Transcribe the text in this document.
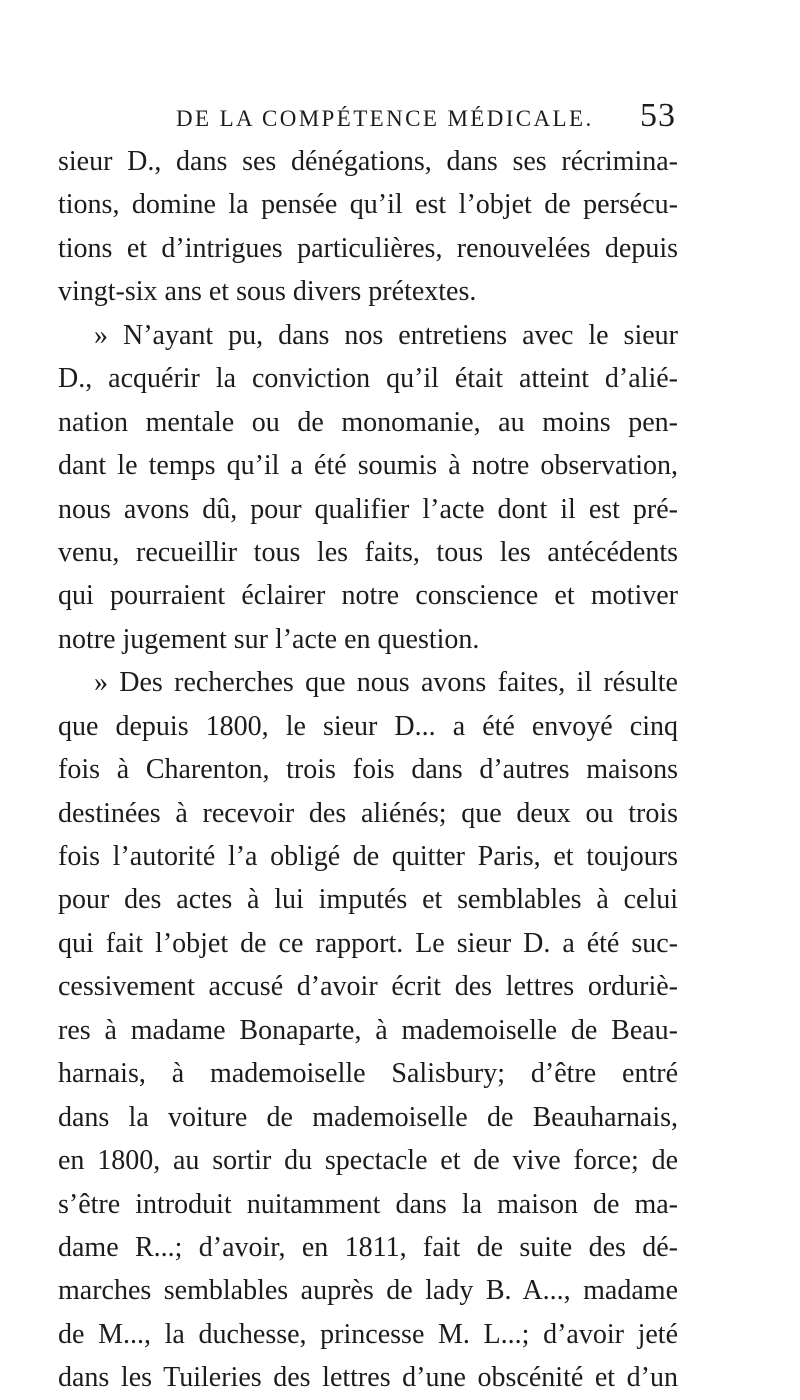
DE LA COMPÉTENCE MÉDICALE. 53
sieur D., dans ses dénégations, dans ses récrimina-
tions, domine la pensée qu’il est l’objet de persécu-
tions et d’intrigues particulières, renouvelées depuis
vingt-six ans et sous divers prétextes.
» N’ayant pu, dans nos entretiens avec le sieur
D., acquérir la conviction qu’il était atteint d’alié-
nation mentale ou de monomanie, au moins pen-
dant le temps qu’il a été soumis à notre observation,
nous avons dû, pour qualifier l’acte dont il est pré-
venu, recueillir tous les faits, tous les antécédents
qui pourraient éclairer notre conscience et motiver
notre jugement sur l’acte en question.
» Des recherches que nous avons faites, il résulte
que depuis 1800, le sieur D... a été envoyé cinq
fois à Charenton, trois fois dans d’autres maisons
destinées à recevoir des aliénés; que deux ou trois
fois l’autorité l’a obligé de quitter Paris, et toujours
pour des actes à lui imputés et semblables à celui
qui fait l’objet de ce rapport. Le sieur D. a été suc-
cessivement accusé d’avoir écrit des lettres orduriè-
res à madame Bonaparte, à mademoiselle de Beau-
harnais, à mademoiselle Salisbury; d’être entré
dans la voiture de mademoiselle de Beauharnais,
en 1800, au sortir du spectacle et de vive force; de
s’être introduit nuitamment dans la maison de ma-
dame R...; d’avoir, en 1811, fait de suite des dé-
marches semblables auprès de lady B. A..., madame
de M..., la duchesse, princesse M. L...; d’avoir jeté
dans les Tuileries des lettres d’une obscénité et d’un
